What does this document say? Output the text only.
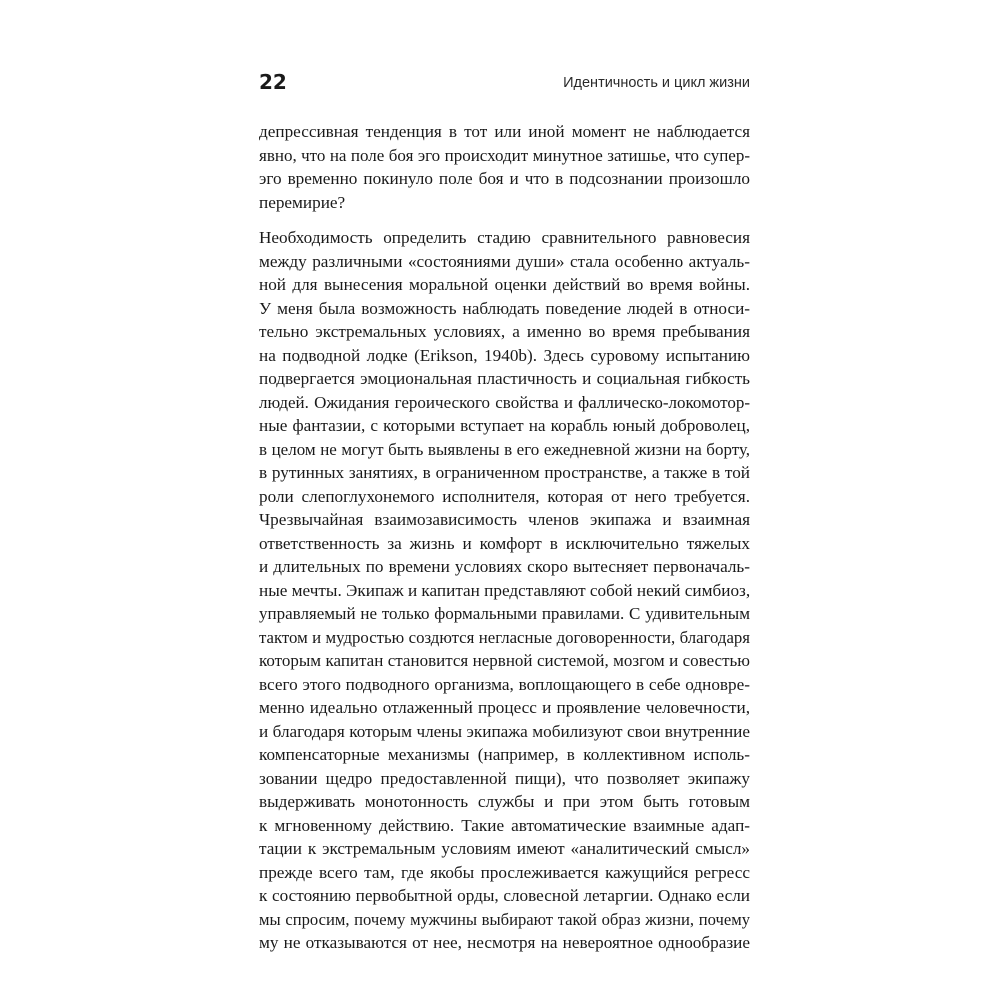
22	Идентичность и цикл жизни
депрессивная тенденция в тот или иной момент не наблюдается
явно, что на поле боя эго происходит минутное затишье, что супер-
эго временно покинуло поле боя и что в подсознании произошло
перемирие?
Необходимость определить стадию сравнительного равновесия
между различными «состояниями души» стала особенно актуаль-
ной для вынесения моральной оценки действий во время войны.
У меня была возможность наблюдать поведение людей в относи-
тельно экстремальных условиях, а именно во время пребывания
на подводной лодке (Erikson, 1940b). Здесь суровому испытанию
подвергается эмоциональная пластичность и социальная гибкость
людей. Ожидания героического свойства и фаллическо-локомотор-
ные фантазии, с которыми вступает на корабль юный доброволец,
в целом не могут быть выявлены в его ежедневной жизни на борту,
в рутинных занятиях, в ограниченном пространстве, а также в той
роли слепоглухонемого исполнителя, которая от него требуется.
Чрезвычайная взаимозависимость членов экипажа и взаимная
ответственность за жизнь и комфорт в исключительно тяжелых
и длительных по времени условиях скоро вытесняет первоначаль-
ные мечты. Экипаж и капитан представляют собой некий симбиоз,
управляемый не только формальными правилами. С удивительным
тактом и мудростью создются негласные договоренности, благодаря
которым капитан становится нервной системой, мозгом и совестью
всего этого подводного организма, воплощающего в себе одновре-
менно идеально отлаженный процесс и проявление человечности,
и благодаря которым члены экипажа мобилизуют свои внутренние
компенсаторные механизмы (например, в коллективном исполь-
зовании щедро предоставленной пищи), что позволяет экипажу
выдерживать монотонность службы и при этом быть готовым
к мгновенному действию. Такие автоматические взаимные адап-
тации к экстремальным условиям имеют «аналитический смысл»
прежде всего там, где якобы прослеживается кажущийся регресс
к состоянию первобытной орды, словесной летаргии. Однако если
мы спросим, почему мужчины выбирают такой образ жизни, почему
му не отказываются от нее, несмотря на невероятное однообразие
